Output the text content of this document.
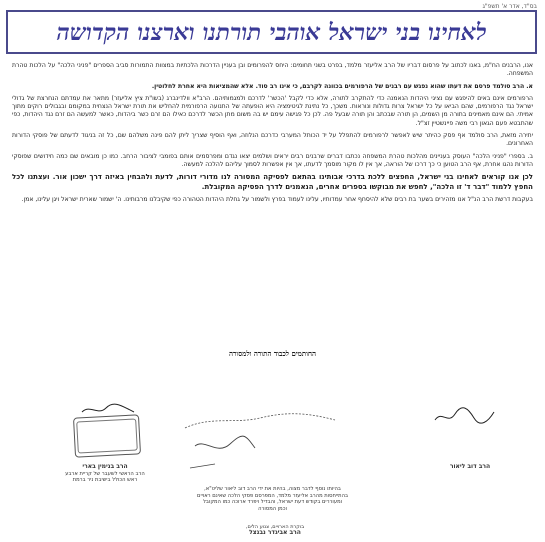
בס"ד, אדר א' תשפ"ג
לאחינו בני ישראל אוהבי תורתנו וארצנו הקדושה

אנו, הרבנים הח"מ, באנו לכתוב על פרסום דבריו של הרב אליעזר מלמד, בפרט בשני תחומים: היחס להפרומים ובן בעניין הדרכות הלכתיות במצוות התמורות סביב הספרים "פניני הלכה" על הלכות טהרת המשפחה.

א. הרב סולמד פרסם את דעתו שהוא נפגש עם רבנים של הרפורמים בכוונה לקרבם, כי אינו רב סוד. אלא שהמציאות היא אחרת לחלוטין.

הרפורמים אינם באים להיפגש עם נציגי היהדות הנאמנה כדי להתקרב לתורה, אלא כדי לקבל 'הכשר' לדרכם ולמגמותיהם. הרב"א וולדינברג (בשו"ת ציץ אליעזר) מתאר את עמדתם הנחרצת של גדולי ישראל נגד הרפורמים, שהם הביאו על כל ישראל צרות גדולות ונוראות. משכך, כל נתינת לגיטימציה היא הופעתה של התנועה הרפורמית להחליש את תורת ישראל הנצחית במקומם ובגבולים רוקים מתוך אמיתי. הם אינם מאמינים בתורה מן השמים, הן תורה שבכתב והן תורה שבעל פה. לכן כל פגישה עימם יש בה משום מתן הכשר לדרכם כאילו הם זרם כשר ביהדות, כאשר למעשה הם זרם נגד היהדות, כפי שהתבטא פעם הגאון רבי משה פיינשטיין זצ"ל.

יתירה מזאת, הרב סולמד אף פסק כהיתר שיש לאפשר לרפורמים להתפלל על יד הכותל המערבי כדרכם הנלוזה, ואף הוסיף שצריך ליתן להם פינה משלהם שם, כל זה בניגוד לדעתם של פוסקי הדורות האחרונים.

ב. בספרי "פניני הלכה" העוסק בעניינים מהלכות טהרת המשפחה נכתבו דברים שרבנים רבים יראים ושלמים יצאו נגדם ומפרסמים אותם בפומבי לציבור הרחב. כמו כן מובאים שם כמה חידושים שפוסקי הדורות נהגו אחרת, אף הרב הטוען כי כך דרכו של הוראה, אך אין לו מקור מוסמך לדעתו, אך אין אפשרות לסמוך עליהם להלכה למעשה.

לכן אנו קוראים לאחינו בני ישראל, החפצים ללכת בדרכי אבותינו בהתאם לפסיקה המסורה לנו מדורי דורות, לדעת ולהבחין באיזה דרך ישכון אור. ועצתנו לכל החפץ ללמוד "דבר ד' זו הלכה", לחפש את מבוקשו בספרים אחרים, הנאמנים לדרך הפסיקה המקובלת.

בעקבות דרשת הרב הנ"ל אנו מזהירים בשער בת רבים שלא להיסחף אחר עמדותיו, עלינו לעמוד בפרץ ולשמור על גחלת היהדות הטהורה כפי שקיבלנו מרבותינו. ה' ישמור שארית ישראל ויגן עלינו, אמן.

החותמים לכבוד התורה ולמסורה
הרב דוב ליאור
הרב בנימין בארי
הרב הראשי לשעבר של קריית ארבע
ראש הכולל בישיבת ניר ברמת
בהיותו נוסף לדבר מצוה, בהיות את ידי הרב דוב ליאור שליט"א,
בהתייחסות מהרב אליעזר מלמד, המפרסם פסקי הלכה שאינם ראויים
ומעוררים בקודש דעת ישראל, והבדיל ויפרד ארוכה כמו המקובל
וכמן המסורה
בוקרת הארויים, צנוע הלים,
הרב אביגדר נבנצל
